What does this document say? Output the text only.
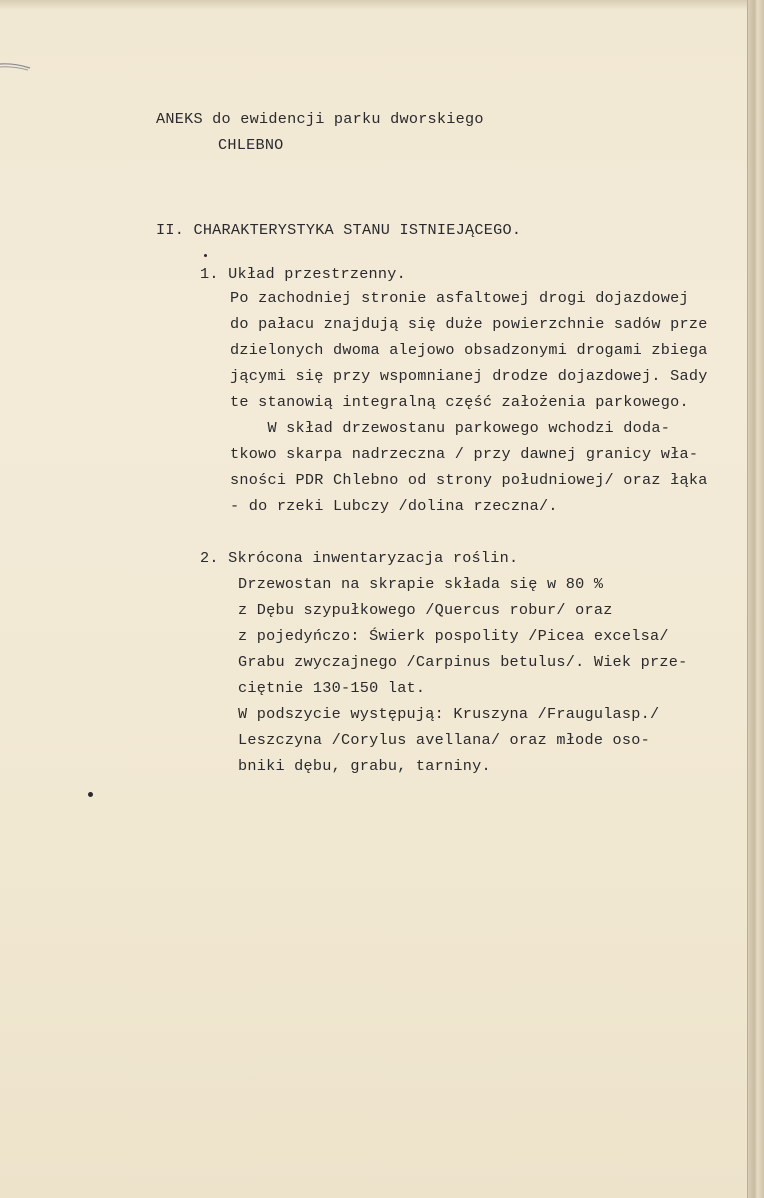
ANEKS do ewidencji parku dworskiego
CHLEBNO
II. CHARAKTERYSTYKA STANU ISTNIEJĄCEGO.
1. Układ przestrzenny.
Po zachodniej stronie asfaltowej drogi dojazdowej
do pałacu znajdują się duże powierzchnie sadów prze
dzielonych dwoma alejowo obsadzonymi drogami zbiega
jącymi się przy wspomnianej drodze dojazdowej. Sady
te stanowią integralną część założenia parkowego.
W skład drzewostanu parkowego wchodzi doda-
tkowo skarpa nadrzeczna / przy dawnej granicy wła-
sności PDR Chlebno od strony południowej/ oraz łąka
- do rzeki Lubczy /dolina rzeczna/.
2. Skrócona inwentaryzacja roślin.
Drzewostan na skrapie składa się w 80 %
z Dębu szypułkowego /Quercus robur/ oraz
z pojedyńczo: Świerk pospolity /Picea excelsa/
Grabu zwyczajnego /Carpinus betulus/. Wiek prze-
ciętnie 130-150 lat.
W podszycie występują: Kruszyna /Fraugulasp./
Leszczyna /Corylus avellana/ oraz młode oso-
bniki dębu, grabu, tarniny.
